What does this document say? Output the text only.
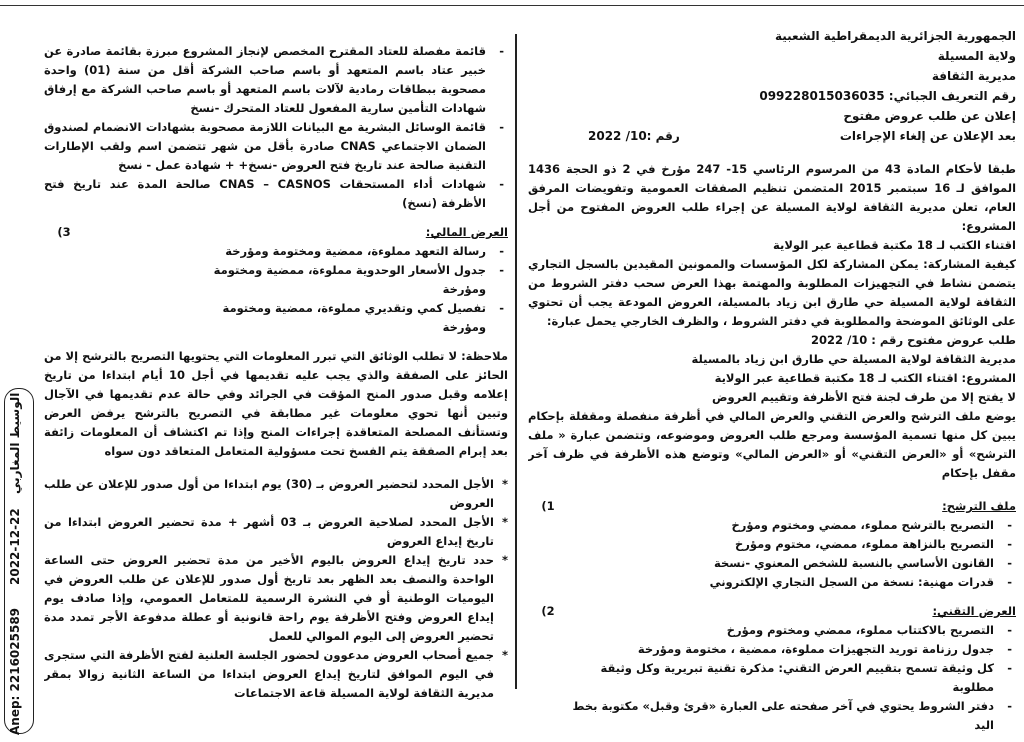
الجمهورية الجزائرية الديمقراطية الشعبية

ولاية المسيلة

مديرية الثقافة

رقم التعريف الجبائي: 099228015036035

إعلان عن طلب عروض مفتوح

بعد الإعلان عن إلغاء الإجراءات
رقم :10/ 2022

طبقا لأحكام المادة 43 من المرسوم الرئاسي 15- 247 مؤرخ في 2 ذو الحجة 1436 الموافق لـ 16 سبتمبر 2015 المتضمن تنظيم الصفقات العمومية وتفويضات المرفق العام، تعلن مديرية الثقافة لولاية المسيلة عن إجراء طلب العروض المفتوح من أجل المشروع:

اقتناء الكتب لـ 18 مكتبة قطاعية عبر الولاية

كيفية المشاركة: يمكن المشاركة لكل المؤسسات والممونين المقيدين بالسجل التجاري يتضمن نشاط في التجهيزات المطلوبة والمهتمة بهذا العرض سحب دفتر الشروط من الثقافة لولاية المسيلة حي طارق ابن زياد بالمسيلة، العروض المودعة يجب أن تحتوي على الوثائق الموضحة والمطلوبة في دفتر الشروط ، والظرف الخارجي يحمل عبارة:

طلب عروض مفتوح رقم : 10/ 2022

مديرية الثقافة لولاية المسيلة حي طارق ابن زياد بالمسيلة

المشروع: اقتناء الكتب لـ 18 مكتبة قطاعية عبر الولاية

لا يفتح إلا من طرف لجنة فتح الأظرفة وتقييم العروض

يوضع ملف الترشح والعرض التقني والعرض المالي في أظرفة منفصلة ومقفلة بإحكام يبين كل منها تسمية المؤسسة ومرجع طلب العروض وموضوعه، وتتضمن عبارة « ملف الترشح» أو «العرض التقني» أو «العرض المالي» وتوضع هذه الأظرفة في ظرف آخر مقفل بإحكام

ملف الترشح:
1)
- التصريح بالترشح مملوء، ممضي ومختوم ومؤرخ
- التصريح بالنزاهة مملوء، ممضي، مختوم ومؤرخ
- القانون الأساسي بالنسبة للشخص المعنوي -نسخة
- قدرات مهنية: نسخة من السجل التجاري الإلكتروني
العرض التقني:
2)
- التصريح بالاكتتاب مملوء، ممضي ومختوم ومؤرخ
- جدول رزنامة توريد التجهيزات مملوءة، ممضية ، مختومة ومؤرخة
- كل وثيقة تسمح بتقييم العرض التقني: مذكرة تقنية تبريرية وكل وثيقة مطلوبة
- دفتر الشروط يحتوي في آخر صفحته على العبارة «قرئ وقبل» مكتوبة بخط اليد

- قائمة مفصلة للعتاد المقترح المخصص لإنجاز المشروع مبرزة بقائمة صادرة عن خبير عتاد باسم المتعهد أو باسم صاحب الشركة أقل من سنة (01) واحدة مصحوبة ببطاقات رمادية لآلات باسم المتعهد أو باسم صاحب الشركة مع إرفاق شهادات التأمين سارية المفعول للعتاد المتحرك -نسخ

- قائمة الوسائل البشرية مع البيانات اللازمة مصحوبة بشهادات الانضمام لصندوق الضمان الاجتماعي CNAS صادرة بأقل من شهر تتضمن اسم ولقب الإطارات التقنية صالحة عند تاريخ فتح العروض -نسخ+ + شهادة عمل - نسخ

- شهادات أداء المستحقات CNAS – CASNOS صالحة المدة عند تاريخ فتح الأظرفة (نسخ)

العرض المالي:
3)
- رسالة التعهد مملوءة، ممضية ومختومة ومؤرخة
- جدول الأسعار الوحدوية مملوءة، ممضية ومختومة ومؤرخة
- تفصيل كمي وتقديري مملوءة، ممضية ومختومة ومؤرخة

ملاحظة: لا تطلب الوثائق التي تبرر المعلومات التي يحتويها التصريح بالترشح إلا من الحائز على الصفقة والذي يجب عليه تقديمها في أجل 10 أيام ابتداءا من تاريخ إعلامه وقبل صدور المنح المؤقت في الجرائد وفي حالة عدم تقديمها في الآجال وتبين أنها تحوي معلومات غير مطابقة في التصريح بالترشح يرفض العرض وتستأنف المصلحة المتعاقدة إجراءات المنح وإذا تم اكتشاف أن المعلومات زائفة بعد إبرام الصفقة يتم الفسخ تحت مسؤولية المتعامل المتعاقد دون سواه

* الأجل المحدد لتحضير العروض بـ (30) يوم ابتداءا من أول صدور للإعلان عن طلب العروض

* الأجل المحدد لصلاحية العروض بـ 03 أشهر + مدة تحضير العروض ابتداءا من تاريخ إيداع العروض

* حدد تاريخ إيداع العروض باليوم الأخير من مدة تحضير العروض حتى الساعة الواحدة والنصف بعد الظهر بعد تاريخ أول صدور للإعلان عن طلب العروض في اليوميات الوطنية أو في النشرة الرسمية للمتعامل العمومي، وإذا صادف يوم إيداع العروض وفتح الأظرفة يوم راحة قانونية أو عطلة مدفوعة الأجر تمدد مدة تحضير العروض إلى اليوم الموالي للعمل

* جميع أصحاب العروض مدعوون لحضور الجلسة العلنية لفتح الأظرفة التي ستجرى في اليوم الموافق لتاريخ إيداع العروض ابتداءا من الساعة الثانية زوالا بمقر مديرية الثقافة لولاية المسيلة قاعة الاجتماعات

Anep: 2216025589
2022-12-22
الوسيط المغاربي
